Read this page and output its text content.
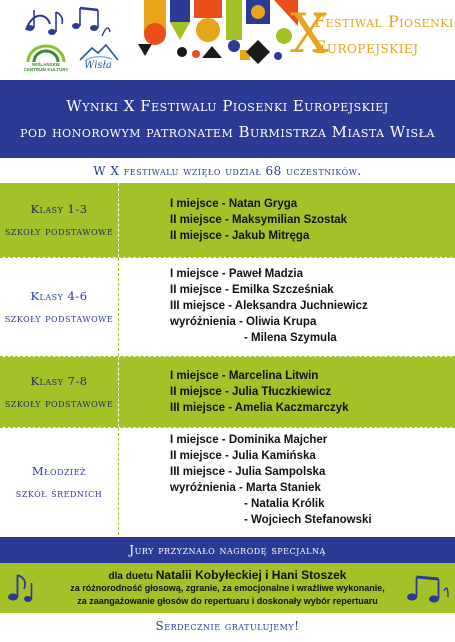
WIŚLAŃSKIE CENTRUM KULTURY	Wisła
X
Festiwal Piosenki
Europejskiej
Wyniki X Festiwalu Piosenki Europejskiej
pod honorowym patronatem Burmistrza Miasta Wisła
W X festiwalu wzięło udział 68 uczestników.
Klasy 1-3
szkoły podstawowe
I miejsce - Natan Gryga
II miejsce - Maksymilian Szostak
II miejsce - Jakub Mitręga
Klasy 4-6
szkoły podstawowe
I miejsce - Paweł Madzia
II miejsce - Emilka Szcześniak
III miejsce - Aleksandra Juchniewicz
wyróżnienia - Oliwia Krupa
- Milena Szymula
Klasy 7-8
szkoły podstawowe
I miejsce - Marcelina Litwin
II miejsce - Julia Tłuczkiewicz
III miejsce - Amelia Kaczmarczyk
Młodzież
szkół średnich
I miejsce - Dominika Majcher
II miejsce - Julia Kamińska
III miejsce - Julia Sampolska
wyróżnienia - Marta Staniek
- Natalia Królik
- Wojciech Stefanowski
Jury przyznało nagrodę specjalną
dla duetu Natalii Kobyłeckiej i Hani Stoszek
za różnorodność głosową, zgranie, za emocjonalne i wrażliwe wykonanie,
za zaangażowanie głosów do repertuaru i doskonały wybór repertuaru
Serdecznie gratulujemy!
